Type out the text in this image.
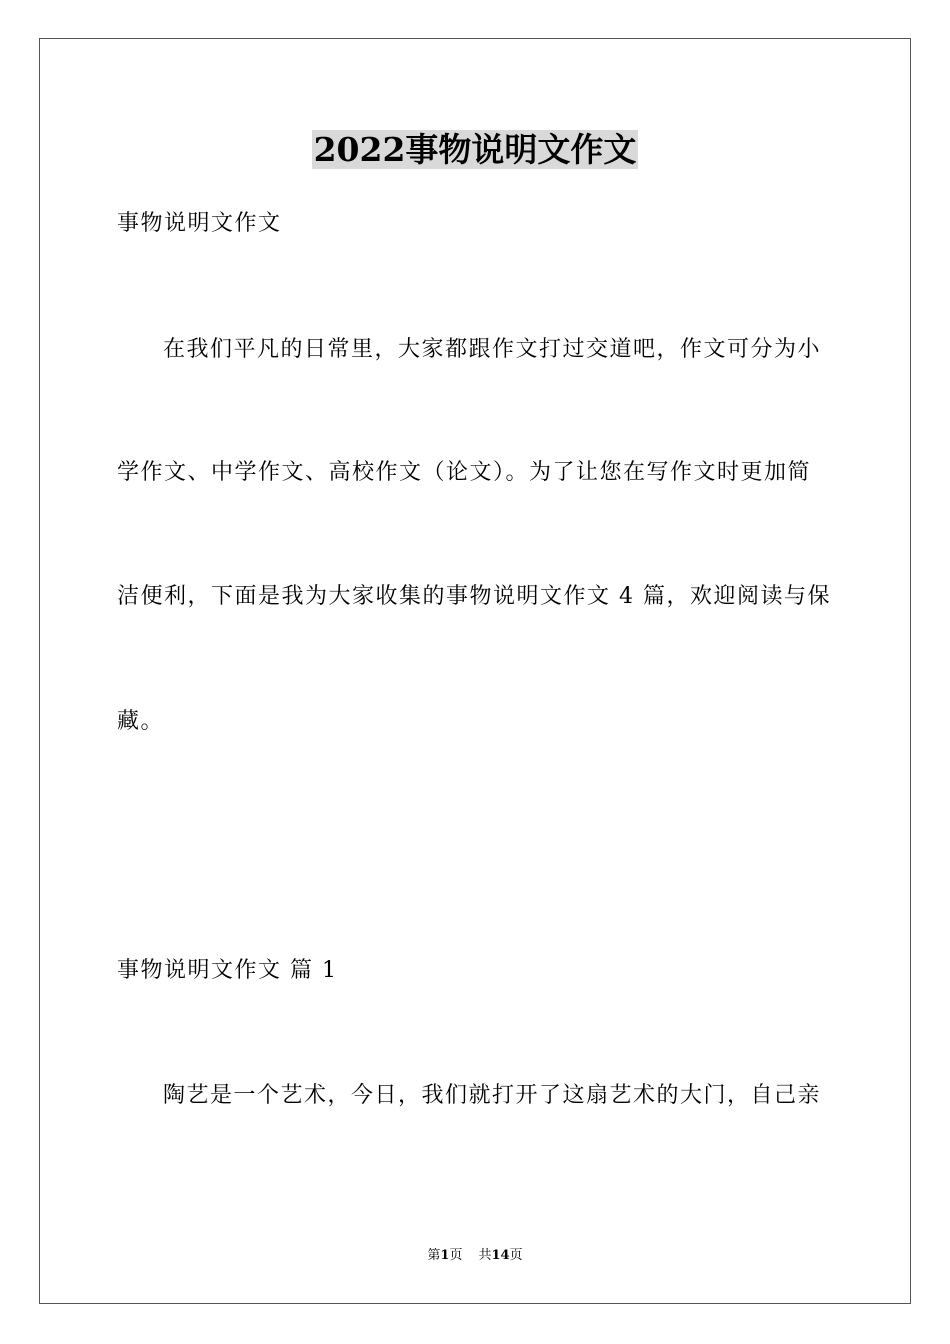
2022事物说明文作文
事物说明文作文
在我们平凡的日常里，大家都跟作文打过交道吧，作文可分为小
学作文、中学作文、高校作文（论文）。为了让您在写作文时更加简
洁便利，下面是我为大家收集的事物说明文作文 4 篇，欢迎阅读与保
藏。
事物说明文作文 篇 1
陶艺是一个艺术，今日，我们就打开了这扇艺术的大门，自己亲
第1页 共14页
